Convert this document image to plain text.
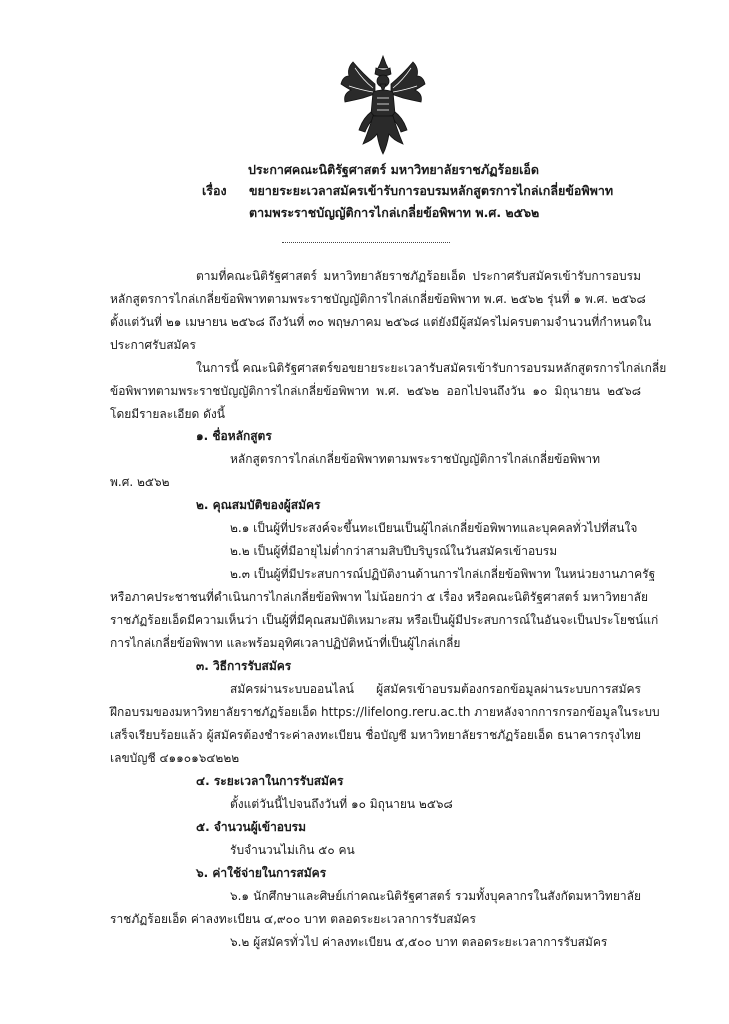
ประกาศคณะนิติรัฐศาสตร์ มหาวิทยาลัยราชภัฏร้อยเอ็ด
เรื่อง ขยายระยะเวลาสมัครเข้ารับการอบรมหลักสูตรการไกล่เกลี่ยข้อพิพาท
ตามพระราชบัญญัติการไกล่เกลี่ยข้อพิพาท พ.ศ. ๒๕๖๒
ตามที่คณะนิติรัฐศาสตร์ มหาวิทยาลัยราชภัฏร้อยเอ็ด ประกาศรับสมัครเข้ารับการอบรม
หลักสูตรการไกล่เกลี่ยข้อพิพาทตามพระราชบัญญัติการไกล่เกลี่ยข้อพิพาท พ.ศ. ๒๕๖๒ รุ่นที่ ๑ พ.ศ. ๒๕๖๘
ตั้งแต่วันที่ ๒๑ เมษายน ๒๕๖๘ ถึงวันที่ ๓๐ พฤษภาคม ๒๕๖๘ แต่ยังมีผู้สมัครไม่ครบตามจำนวนที่กำหนดใน
ประกาศรับสมัคร
ในการนี้ คณะนิติรัฐศาสตร์ขอขยายระยะเวลารับสมัครเข้ารับการอบรมหลักสูตรการไกล่เกลี่ย
ข้อพิพาทตามพระราชบัญญัติการไกล่เกลี่ยข้อพิพาท พ.ศ. ๒๕๖๒ ออกไปจนถึงวัน ๑๐ มิถุนายน ๒๕๖๘
โดยมีรายละเอียด ดังนี้
๑. ชื่อหลักสูตร
หลักสูตรการไกล่เกลี่ยข้อพิพาทตามพระราชบัญญัติการไกล่เกลี่ยข้อพิพาท
พ.ศ. ๒๕๖๒
๒. คุณสมบัติของผู้สมัคร
๒.๑ เป็นผู้ที่ประสงค์จะขึ้นทะเบียนเป็นผู้ไกล่เกลี่ยข้อพิพาทและบุคคลทั่วไปที่สนใจ
๒.๒ เป็นผู้ที่มีอายุไม่ต่ำกว่าสามสิบปีบริบูรณ์ในวันสมัครเข้าอบรม
๒.๓ เป็นผู้ที่มีประสบการณ์ปฏิบัติงานด้านการไกล่เกลี่ยข้อพิพาท ในหน่วยงานภาครัฐ
หรือภาคประชาชนที่ดำเนินการไกล่เกลี่ยข้อพิพาท ไม่น้อยกว่า ๕ เรื่อง หรือคณะนิติรัฐศาสตร์ มหาวิทยาลัย
ราชภัฏร้อยเอ็ดมีความเห็นว่า เป็นผู้ที่มีคุณสมบัติเหมาะสม หรือเป็นผู้มีประสบการณ์ในอันจะเป็นประโยชน์แก่
การไกล่เกลี่ยข้อพิพาท และพร้อมอุทิศเวลาปฏิบัติหน้าที่เป็นผู้ไกล่เกลี่ย
๓. วิธีการรับสมัคร
สมัครผ่านระบบออนไลน์ ผู้สมัครเข้าอบรมต้องกรอกข้อมูลผ่านระบบการสมัคร
ฝึกอบรมของมหาวิทยาลัยราชภัฏร้อยเอ็ด https://lifelong.reru.ac.th ภายหลังจากการกรอกข้อมูลในระบบ
เสร็จเรียบร้อยแล้ว ผู้สมัครต้องชำระค่าลงทะเบียน ชื่อบัญชี มหาวิทยาลัยราชภัฏร้อยเอ็ด ธนาคารกรุงไทย
เลขบัญชี ๔๑๑๐๑๖๔๒๒๒
๔. ระยะเวลาในการรับสมัคร
ตั้งแต่วันนี้ไปจนถึงวันที่ ๑๐ มิถุนายน ๒๕๖๘
๕. จำนวนผู้เข้าอบรม
รับจำนวนไม่เกิน ๕๐ คน
๖. ค่าใช้จ่ายในการสมัคร
๖.๑ นักศึกษาและศิษย์เก่าคณะนิติรัฐศาสตร์ รวมทั้งบุคลากรในสังกัดมหาวิทยาลัย
ราชภัฏร้อยเอ็ด ค่าลงทะเบียน ๔,๙๐๐ บาท ตลอดระยะเวลาการรับสมัคร
๖.๒ ผู้สมัครทั่วไป ค่าลงทะเบียน ๕,๕๐๐ บาท ตลอดระยะเวลาการรับสมัคร
